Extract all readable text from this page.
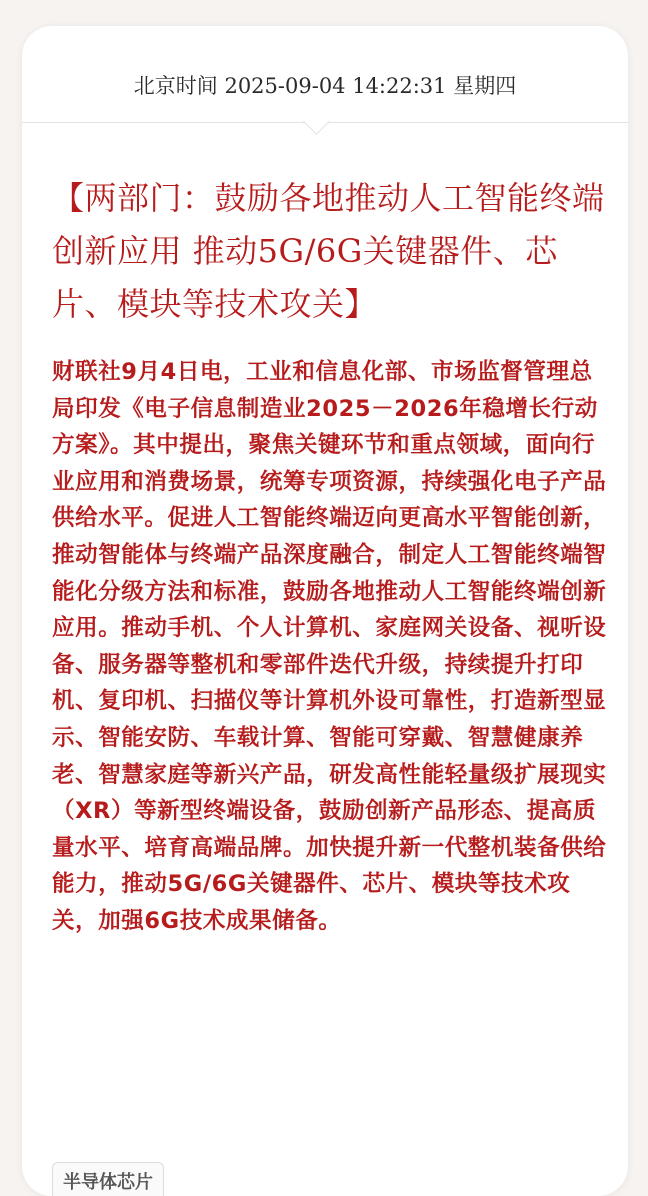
北京时间 2025-09-04 14:22:31 星期四
【两部门：鼓励各地推动人工智能终端创新应用 推动5G/6G关键器件、芯片、模块等技术攻关】

财联社9月4日电，工业和信息化部、市场监督管理总局印发《电子信息制造业2025－2026年稳增长行动方案》。其中提出，聚焦关键环节和重点领域，面向行业应用和消费场景，统筹专项资源，持续强化电子产品供给水平。促进人工智能终端迈向更高水平智能创新，推动智能体与终端产品深度融合，制定人工智能终端智能化分级方法和标准，鼓励各地推动人工智能终端创新应用。推动手机、个人计算机、家庭网关设备、视听设备、服务器等整机和零部件迭代升级，持续提升打印机、复印机、扫描仪等计算机外设可靠性，打造新型显示、智能安防、车载计算、智能可穿戴、智慧健康养老、智慧家庭等新兴产品，研发高性能轻量级扩展现实（XR）等新型终端设备，鼓励创新产品形态、提高质量水平、培育高端品牌。加快提升新一代整机装备供给能力，推动5G/6G关键器件、芯片、模块等技术攻关，加强6G技术成果储备。

半导体芯片
